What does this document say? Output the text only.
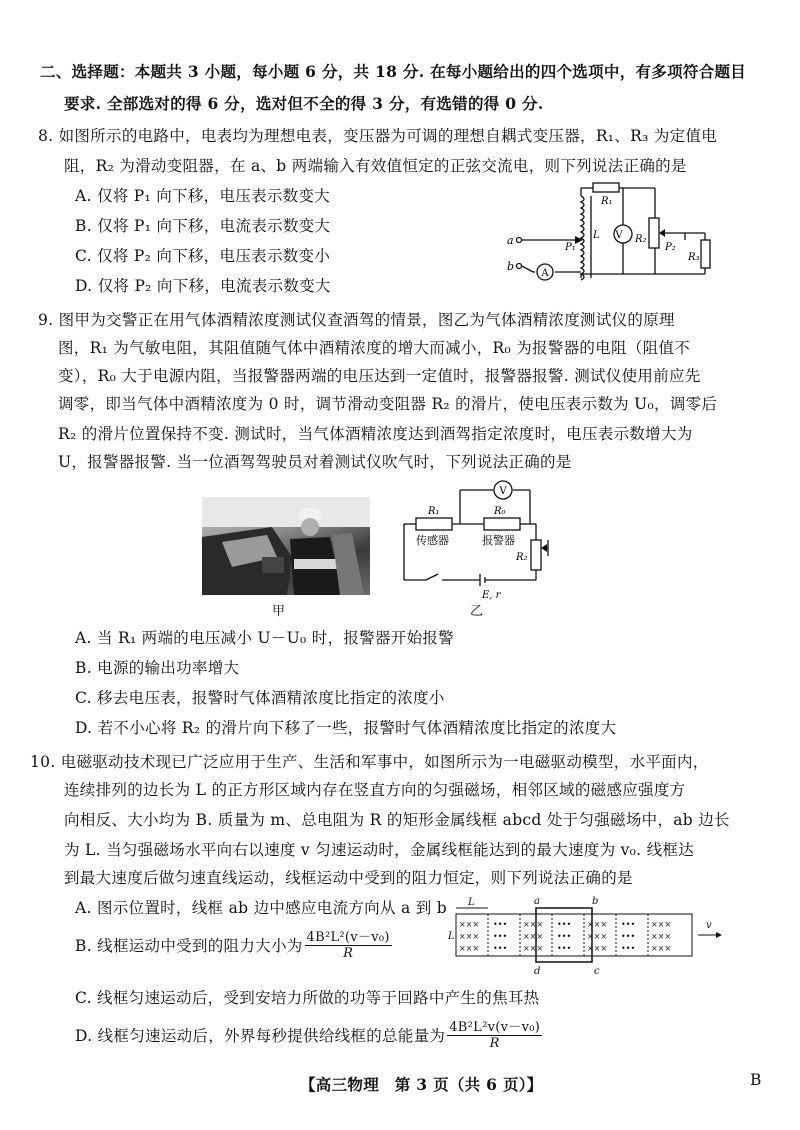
二、选择题：本题共 3 小题，每小题 6 分，共 18 分. 在每小题给出的四个选项中，有多项符合题目
要求. 全部选对的得 6 分，选对但不全的得 3 分，有选错的得 0 分.
8. 如图所示的电路中，电表均为理想电表，变压器为可调的理想自耦式变压器，R₁、R₃ 为定值电
阻，R₂ 为滑动变阻器，在 a、b 两端输入有效值恒定的正弦交流电，则下列说法正确的是
A. 仅将 P₁ 向下移，电压表示数变大
B. 仅将 P₁ 向下移，电流表示数变大
C. 仅将 P₂ 向下移，电压表示数变小
D. 仅将 P₂ 向下移，电流表示数变大
R₁
V
A
L
P₁
R₂
P₂
R₃
a
b
9. 图甲为交警正在用气体酒精浓度测试仪查酒驾的情景，图乙为气体酒精浓度测试仪的原理
图，R₁ 为气敏电阻，其阻值随气体中酒精浓度的增大而减小，R₀ 为报警器的电阻（阻值不
变），R₀ 大于电源内阻，当报警器两端的电压达到一定值时，报警器报警. 测试仪使用前应先
调零，即当气体中酒精浓度为 0 时，调节滑动变阻器 R₂ 的滑片，使电压表示数为 U₀，调零后
R₂ 的滑片位置保持不变. 测试时，当气体酒精浓度达到酒驾指定浓度时，电压表示数增大为
U，报警器报警. 当一位酒驾驾驶员对着测试仪吹气时，下列说法正确的是
甲
V
R₁	R₀
传感器	报警器
R₂
E, r
乙
A. 当 R₁ 两端的电压减小 U－U₀ 时，报警器开始报警
B. 电源的输出功率增大
C. 移去电压表，报警时气体酒精浓度比指定的浓度小
D. 若不小心将 R₂ 的滑片向下移了一些，报警时气体酒精浓度比指定的浓度大
10. 电磁驱动技术现已广泛应用于生产、生活和军事中，如图所示为一电磁驱动模型，水平面内，
连续排列的边长为 L 的正方形区域内存在竖直方向的匀强磁场，相邻区域的磁感应强度方
向相反、大小均为 B. 质量为 m、总电阻为 R 的矩形金属线框 abcd 处于匀强磁场中，ab 边长
为 L. 当匀强磁场水平向右以速度 v 匀速运动时，金属线框能达到的最大速度为 v₀. 线框达
到最大速度后做匀速直线运动，线框运动中受到的阻力恒定，则下列说法正确的是
A. 图示位置时，线框 ab 边中感应电流方向从 a 到 b
B. 线框运动中受到的阻力大小为 $\frac{\text{4B²L²(v－v₀)}}{R}$
C. 线框匀速运动后，受到安培力所做的功等于回路中产生的焦耳热
D. 线框匀速运动后，外界每秒提供给线框的总能量为 $\frac{\text{4B²L²v(v－v₀)}}{R}$
×××
×××
×××
•••
•••
•••
×××
×××
×××
•••
•••
•••
×××
×××
×××
•••
•••
•••
×××
×××
×××
L
L
a	b
c
d
v
【高三物理　第 3 页（共 6 页）】	B
